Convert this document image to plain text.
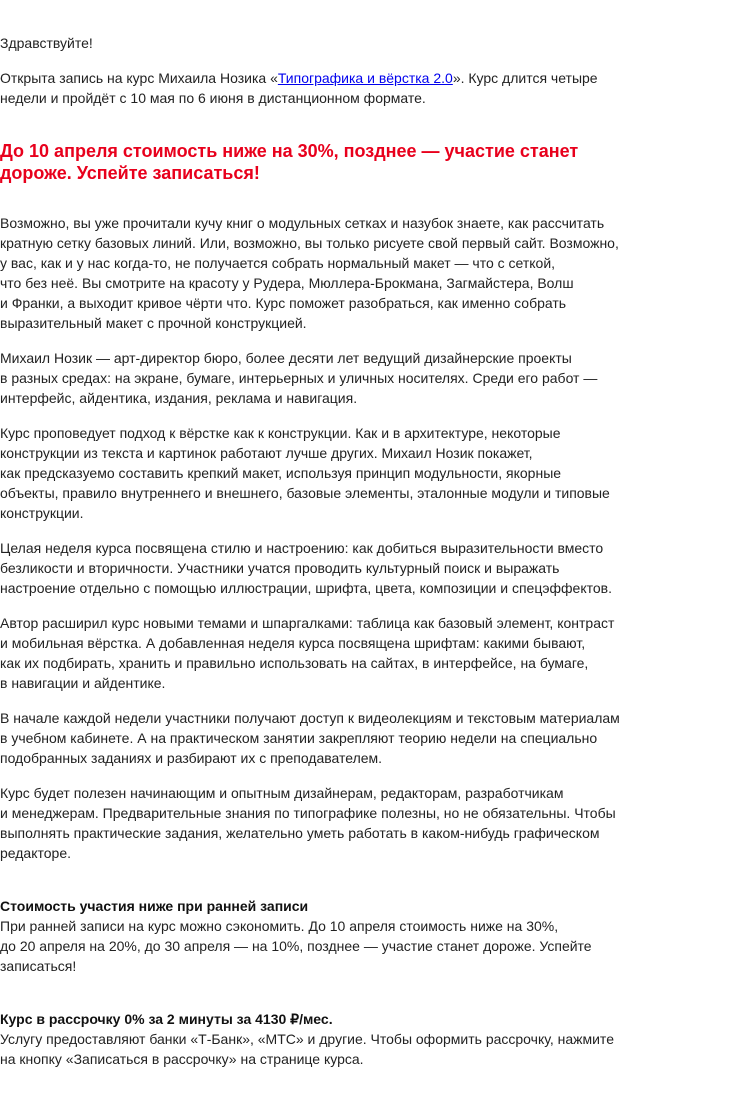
Здравствуйте!

Открыта запись на курс Михаила Нозика «Типографика и вёрстка 2.0». Курс длится четыре
недели и пройдёт с 10 мая по 6 июня в дистанционном формате.

До 10 апреля стоимость ниже на 30%, позднее — участие станет
дороже. Успейте записаться!
Возможно, вы уже прочитали кучу книг о модульных сетках и назубок знаете, как рассчитать
кратную сетку базовых линий. Или, возможно, вы только рисуете свой первый сайт. Возможно,
у вас, как и у нас когда-то, не получается собрать нормальный макет — что с сеткой,
что без неё. Вы смотрите на красоту у Рудера, Мюллера-Брокмана, Загмайстера, Волш
и Франки, а выходит кривое чёрти что. Курс поможет разобраться, как именно собрать
выразительный макет с прочной конструкцией.
Михаил Нозик — арт-директор бюро, более десяти лет ведущий дизайнерские проекты
в разных средах: на экране, бумаге, интерьерных и уличных носителях. Среди его работ —
интерфейс, айдентика, издания, реклама и навигация.
Курс проповедует подход к вёрстке как к конструкции. Как и в архитектуре, некоторые
конструкции из текста и картинок работают лучше других. Михаил Нозик покажет,
как предсказуемо составить крепкий макет, используя принцип модульности, якорные
объекты, правило внутреннего и внешнего, базовые элементы, эталонные модули и типовые
конструкции.
Целая неделя курса посвящена стилю и настроению: как добиться выразительности вместо
безликости и вторичности. Участники учатся проводить культурный поиск и выражать
настроение отдельно с помощью иллюстрации, шрифта, цвета, композиции и спецэффектов.
Автор расширил курс новыми темами и шпаргалками: таблица как базовый элемент, контраст
и мобильная вёрстка. А добавленная неделя курса посвящена шрифтам: какими бывают,
как их подбирать, хранить и правильно использовать на сайтах, в интерфейсе, на бумаге,
в навигации и айдентике.
В начале каждой недели участники получают доступ к видеолекциям и текстовым материалам
в учебном кабинете. А на практическом занятии закрепляют теорию недели на специально
подобранных заданиях и разбирают их с преподавателем.
Курс будет полезен начинающим и опытным дизайнерам, редакторам, разработчикам
и менеджерам. Предварительные знания по типографике полезны, но не обязательны. Чтобы
выполнять практические задания, желательно уметь работать в каком-нибудь графическом
редакторе.

Стоимость участия ниже при ранней записи

При ранней записи на курс можно сэкономить. До 10 апреля стоимость ниже на 30%,
до 20 апреля на 20%, до 30 апреля — на 10%, позднее — участие станет дороже. Успейте
записаться!

Курс в рассрочку 0% за 2 минуты за 4130 ₽/мес.

Услугу предоставляют банки «Т-Банк», «МТС» и другие. Чтобы оформить рассрочку, нажмите
на кнопку «Записаться в рассрочку» на странице курса.
